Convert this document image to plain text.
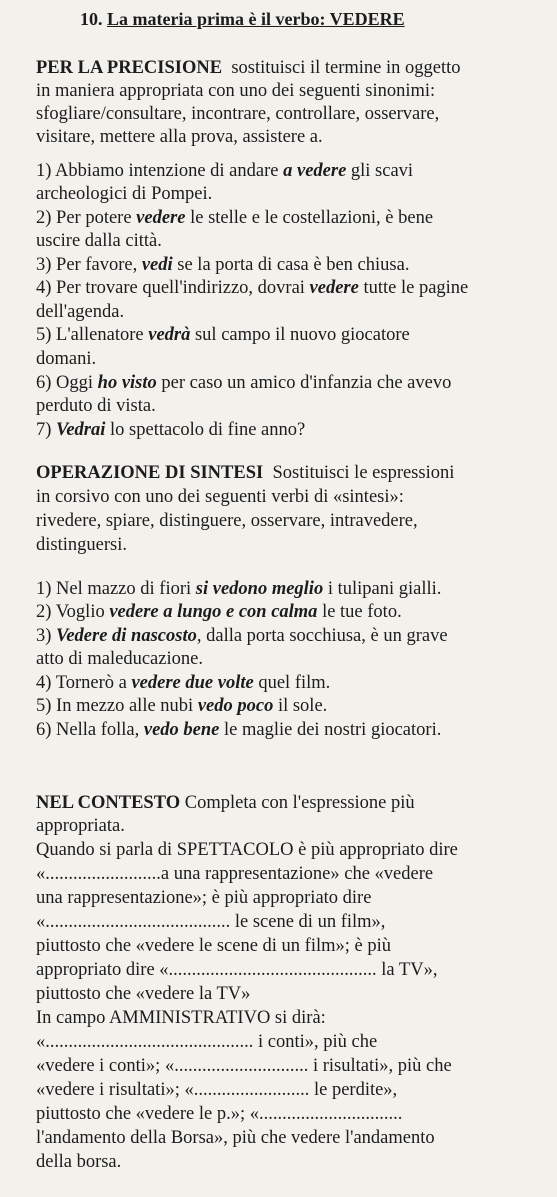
10. La materia prima è il verbo: VEDERE
PER LA PRECISIONE sostituisci il termine in oggetto
in maniera appropriata con uno dei seguenti sinonimi:
sfogliare/consultare, incontrare, controllare, osservare,
visitare, mettere alla prova, assistere a.
1) Abbiamo intenzione di andare a vedere gli scavi
archeologici di Pompei.
2) Per potere vedere le stelle e le costellazioni, è bene
uscire dalla città.
3) Per favore, vedi se la porta di casa è ben chiusa.
4) Per trovare quell'indirizzo, dovrai vedere tutte le pagine
dell'agenda.
5) L'allenatore vedrà sul campo il nuovo giocatore
domani.
6) Oggi ho visto per caso un amico d'infanzia che avevo
perduto di vista.
7) Vedrai lo spettacolo di fine anno?
OPERAZIONE DI SINTESI Sostituisci le espressioni
in corsivo con uno dei seguenti verbi di «sintesi»:
rivedere, spiare, distinguere, osservare, intravedere,
distinguersi.
1) Nel mazzo di fiori si vedono meglio i tulipani gialli.
2) Voglio vedere a lungo e con calma le tue foto.
3) Vedere di nascosto, dalla porta socchiusa, è un grave
atto di maleducazione.
4) Tornerò a vedere due volte quel film.
5) In mezzo alle nubi vedo poco il sole.
6) Nella folla, vedo bene le maglie dei nostri giocatori.
NEL CONTESTO Completa con l'espressione più
appropriata.
Quando si parla di SPETTACOLO è più appropriato dire
«.........................a una rappresentazione» che «vedere
una rappresentazione»; è più appropriato dire
«........................................ le scene di un film»,
piuttosto che «vedere le scene di un film»; è più
appropriato dire «............................................. la TV»,
piuttosto che «vedere la TV»
In campo AMMINISTRATIVO si dirà:
«............................................. i conti», più che
«vedere i conti»; «............................. i risultati», più che
«vedere i risultati»; «......................... le perdite»,
piuttosto che «vedere le p.»; «...............................
l'andamento della Borsa», più che vedere l'andamento
della borsa.
